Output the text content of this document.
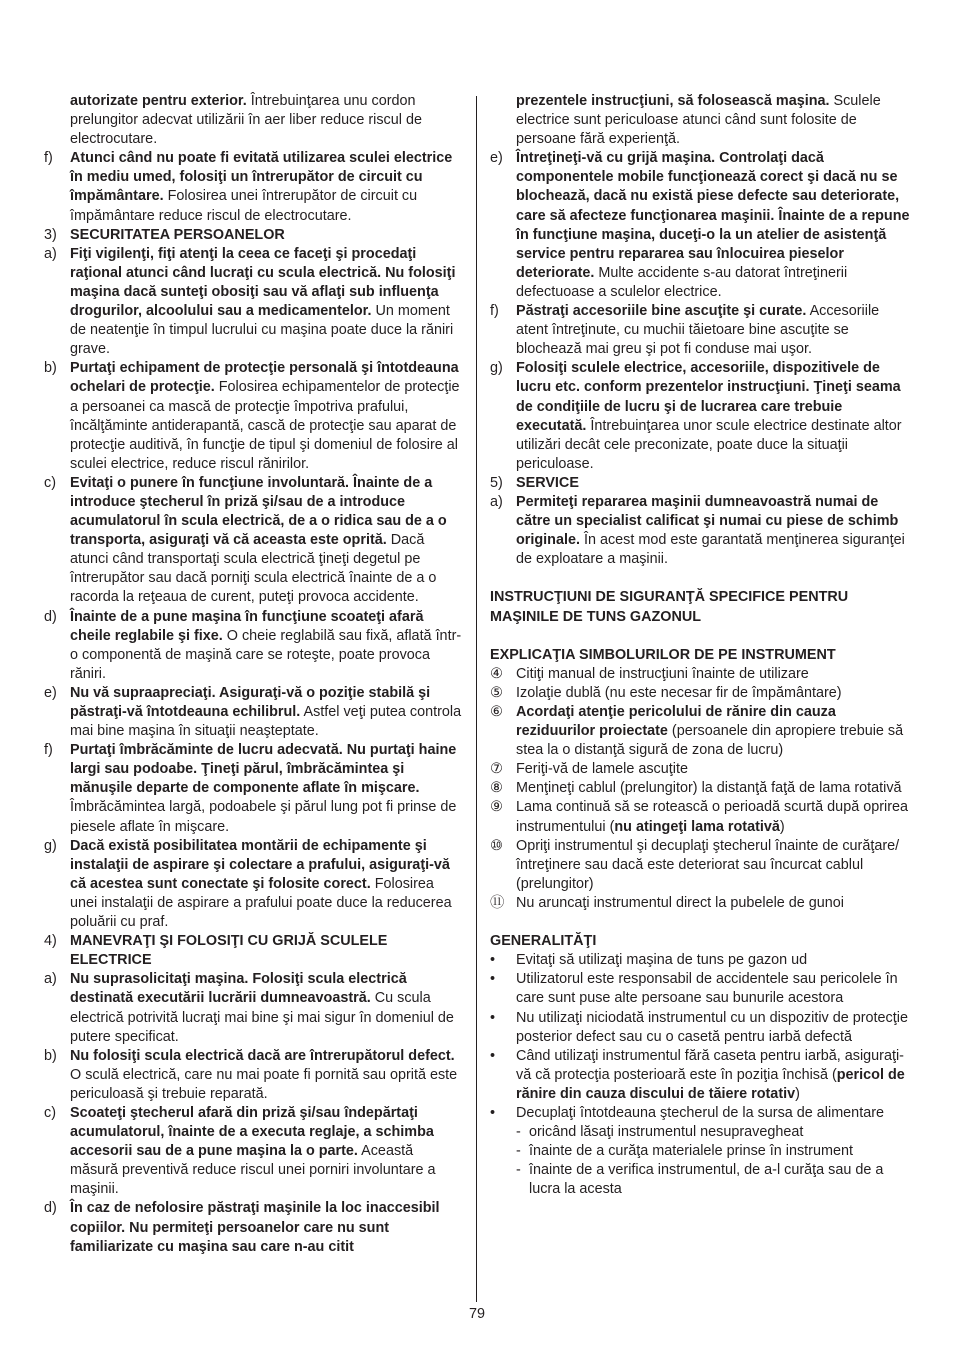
autorizate pentru exterior. Întrebuinţarea unu cordon prelungitor adecvat utilizării în aer liber reduce riscul de electrocutare.
f) Atunci când nu poate fi evitată utilizarea sculei electrice în mediu umed, folosiţi un întrerupător de circuit cu împământare. Folosirea unei întrerupător de circuit cu împământare reduce riscul de electrocutare.
3) SECURITATEA PERSOANELOR
a) Fiţi vigilenţi, fiţi atenţi la ceea ce faceţi şi procedaţi raţional atunci când lucraţi cu scula electrică. Nu folosiţi maşina dacă sunteţi obosiţi sau vă aflaţi sub influenţa drogurilor, alcoolului sau a medicamentelor. Un moment de neatenţie în timpul lucrului cu maşina poate duce la răniri grave.
b) Purtaţi echipament de protecţie personală şi întotdeauna ochelari de protecţie. Folosirea echipamentelor de protecţie a persoanei ca mască de protecţie împotriva prafului, încălţăminte antiderapantă, cască de protecţie sau aparat de protecţie auditivă, în funcţie de tipul şi domeniul de folosire al sculei electrice, reduce riscul rănirilor.
c) Evitaţi o punere în funcţiune involuntară. Înainte de a introduce ştecherul în priză şi/sau de a introduce acumulatorul în scula electrică, de a o ridica sau de a o transporta, asiguraţi vă că aceasta este oprită. Dacă atunci când transportaţi scula electrică ţineţi degetul pe întrerupător sau dacă porniţi scula electrică înainte de a o racorda la reţeaua de curent, puteţi provoca accidente.
d) Înainte de a pune maşina în funcţiune scoateţi afară cheile reglabile şi fixe. O cheie reglabilă sau fixă, aflată într-o componentă de maşină care se roteşte, poate provoca răniri.
e) Nu vă supraapreciaţi. Asiguraţi-vă o poziţie stabilă şi păstraţi-vă întotdeauna echilibrul. Astfel veţi putea controla mai bine maşina în situaţii neaşteptate.
f) Purtaţi îmbrăcăminte de lucru adecvată. Nu purtaţi haine largi sau podoabe. Ţineţi părul, îmbrăcămintea şi mănuşile departe de componente aflate în mişcare. Îmbrăcămintea largă, podoabele şi părul lung pot fi prinse de piesele aflate în mişcare.
g) Dacă există posibilitatea montării de echipamente şi instalaţii de aspirare şi colectare a prafului, asiguraţi-vă că acestea sunt conectate şi folosite corect. Folosirea unei instalaţii de aspirare a prafului poate duce la reducerea poluării cu praf.
4) MANEVRAŢI ŞI FOLOSIŢI CU GRIJĂ SCULELE ELECTRICE
a) Nu suprasolicitaţi maşina. Folosiţi scula electrică destinată executării lucrării dumneavoastră. Cu scula electrică potrivită lucraţi mai bine şi mai sigur în domeniul de putere specificat.
b) Nu folosiţi scula electrică dacă are întrerupătorul defect. O sculă electrică, care nu mai poate fi pornită sau oprită este periculoasă şi trebuie reparată.
c) Scoateţi ştecherul afară din priză şi/sau îndepărtaţi acumulatorul, înainte de a executa reglaje, a schimba accesorii sau de a pune maşina la o parte. Această măsură preventivă reduce riscul unei porniri involuntare a maşinii.
d) În caz de nefolosire păstraţi maşinile la loc inaccesibil copiilor. Nu permiteţi persoanelor care nu sunt familiarizate cu maşina sau care n-au citit
prezentele instrucţiuni, să folosească maşina. Sculele electrice sunt periculoase atunci când sunt folosite de persoane fără experienţă.
e) Întreţineţi-vă cu grijă maşina. Controlaţi dacă componentele mobile funcţionează corect şi dacă nu se blochează, dacă nu există piese defecte sau deteriorate, care să afecteze funcţionarea maşinii. Înainte de a repune în funcţiune maşina, duceţi-o la un atelier de asistenţă service pentru repararea sau înlocuirea pieselor deteriorate. Multe accidente s-au datorat întreţinerii defectuoase a sculelor electrice.
f) Păstraţi accesoriile bine ascuţite şi curate. Accesoriile atent întreţinute, cu muchii tăietoare bine ascuţite se blochează mai greu şi pot fi conduse mai uşor.
g) Folosiţi sculele electrice, accesoriile, dispozitivele de lucru etc. conform prezentelor instrucţiuni. Ţineţi seama de condiţiile de lucru şi de lucrarea care trebuie executată. Întrebuinţarea unor scule electrice destinate altor utilizări decât cele preconizate, poate duce la situaţii periculoase.
5) SERVICE
a) Permiteţi repararea maşinii dumneavoastră numai de către un specialist calificat şi numai cu piese de schimb originale. În acest mod este garantată menţinerea siguranţei de exploatare a maşinii.
INSTRUCŢIUNI DE SIGURANŢĂ SPECIFICE PENTRU MAŞINILE DE TUNS GAZONUL
EXPLICAŢIA SIMBOLURILOR DE PE INSTRUMENT
④ Citiţi manual de instrucţiuni înainte de utilizare
⑤ Izolaţie dublă (nu este necesar fir de împământare)
⑥ Acordaţi atenţie pericolului de rănire din cauza reziduurilor proiectate (persoanele din apropiere trebuie să stea la o distanţă sigură de zona de lucru)
⑦ Feriţi-vă de lamele ascuţite
⑧ Menţineţi cablul (prelungitor) la distanţă faţă de lama rotativă
⑨ Lama continuă să se rotească o perioadă scurtă după oprirea instrumentului (nu atingeţi lama rotativă)
⑩ Opriţi instrumentul şi decuplaţi ştecherul înainte de curăţare/întreţinere sau dacă este deteriorat sau încurcat cablul (prelungitor)
⑪ Nu aruncaţi instrumentul direct la pubelele de gunoi
GENERALITĂŢI
• Evitaţi să utilizaţi maşina de tuns pe gazon ud
• Utilizatorul este responsabil de accidentele sau pericolele în care sunt puse alte persoane sau bunurile acestora
• Nu utilizaţi niciodată instrumentul cu un dispozitiv de protecţie posterior defect sau cu o casetă pentru iarbă defectă
• Când utilizaţi instrumentul fără caseta pentru iarbă, asiguraţi-vă că protecţia posterioară este în poziţia închisă (pericol de rănire din cauza discului de tăiere rotativ)
• Decuplaţi întotdeauna ştecherul de la sursa de alimentare
- oricând lăsaţi instrumentul nesupravegheat
- înainte de a curăţa materialele prinse în instrument
- înainte de a verifica instrumentul, de a-l curăţa sau de a lucra la acesta
79
